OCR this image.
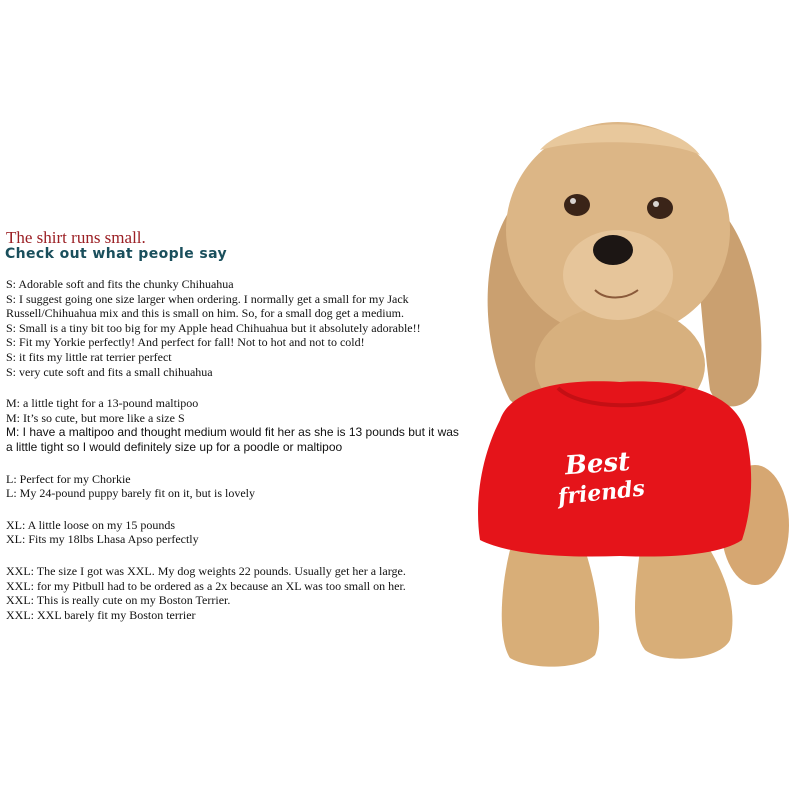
The shirt runs small.
Check out what people say
S: Adorable soft and fits the chunky Chihuahua
S: I suggest going one size larger when ordering. I normally get a small for my Jack
Russell/Chihuahua mix and this is small on him. So, for a small dog get a medium.
S: Small is a tiny bit too big for my Apple head Chihuahua but it absolutely adorable!!
S: Fit my Yorkie perfectly! And perfect for fall! Not to hot and not to cold!
S: it fits my little rat terrier perfect
S: very cute soft and fits a small chihuahua
M: a little tight for a 13-pound maltipoo
M: It’s so cute, but more like a size S
M: I have a maltipoo and thought medium would fit her as she is 13 pounds but it was
a little tight so I would definitely size up for a poodle or maltipoo
L: Perfect for my Chorkie
L: My 24-pound puppy barely fit on it, but is lovely
XL: A little loose on my 15 pounds
XL: Fits my 18lbs Lhasa Apso perfectly
XXL: The size I got was XXL. My dog weights 22 pounds. Usually get her a large.
XXL: for my Pitbull had to be ordered as a 2x because an XL was too small on her.
XXL: This is really cute on my Boston Terrier.
XXL: XXL barely fit my Boston terrier
Best
friends
